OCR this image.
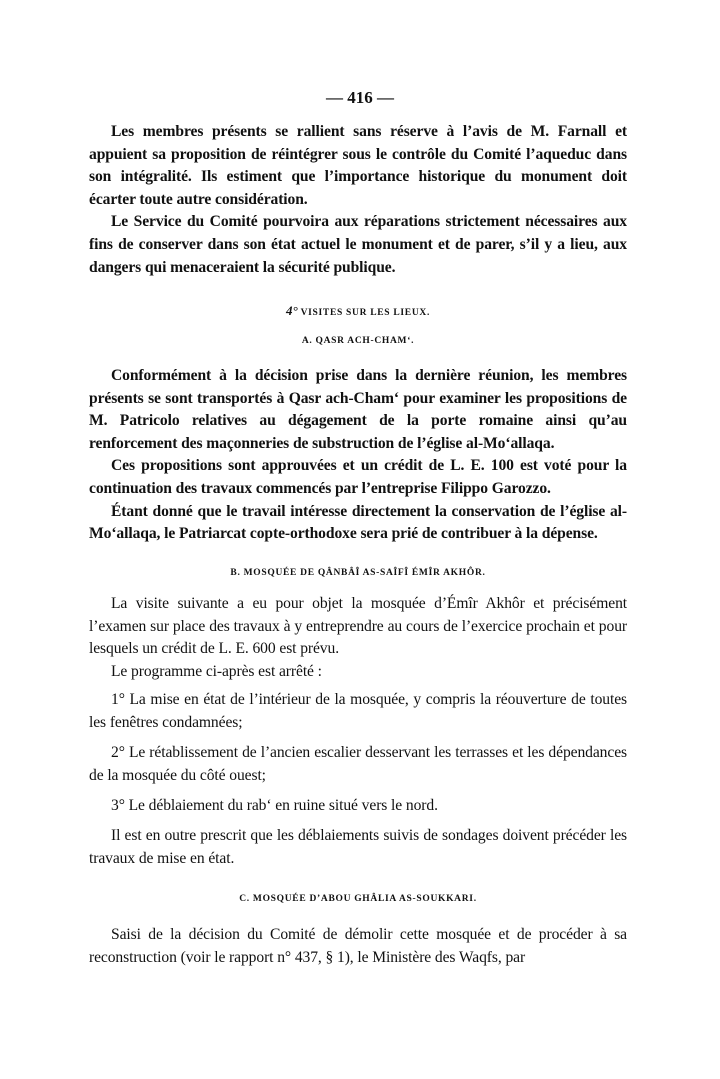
— 416 —

Les membres présents se rallient sans réserve à l’avis de M. Farnall et appuient sa proposition de réintégrer sous le contrôle du Comité l’aqueduc dans son intégralité. Ils estiment que l’importance historique du monument doit écarter toute autre considération.

Le Service du Comité pourvoira aux réparations strictement nécessaires aux fins de conserver dans son état actuel le monument et de parer, s’il y a lieu, aux dangers qui menaceraient la sécurité publique.

4° VISITES SUR LES LIEUX.
A. QASR ACH-CHAM‘.

Conformément à la décision prise dans la dernière réunion, les membres présents se sont transportés à Qasr ach-Cham‘ pour examiner les propositions de M. Patricolo relatives au dégagement de la porte romaine ainsi qu’au renforcement des maçonneries de substruction de l’église al-Mo‘allaqa.

Ces propositions sont approuvées et un crédit de L. E. 100 est voté pour la continuation des travaux commencés par l’entreprise Filippo Garozzo.

Étant donné que le travail intéresse directement la conservation de l’église al-Mo‘allaqa, le Patriarcat copte-orthodoxe sera prié de contribuer à la dépense.

B. MOSQUÉE DE QÂNBÂÎ AS-SAÎFÎ ÉMÎR AKHÔR.

La visite suivante a eu pour objet la mosquée d’Émîr Akhôr et précisément l’examen sur place des travaux à y entreprendre au cours de l’exercice prochain et pour lesquels un crédit de L. E. 600 est prévu.

Le programme ci-après est arrêté :

1° La mise en état de l’intérieur de la mosquée, y compris la réouverture de toutes les fenêtres condamnées;

2° Le rétablissement de l’ancien escalier desservant les terrasses et les dépendances de la mosquée du côté ouest;

3° Le déblaiement du rab‘ en ruine situé vers le nord.

Il est en outre prescrit que les déblaiements suivis de sondages doivent précéder les travaux de mise en état.

C. MOSQUÉE D’ABOU GHÂLIA AS-SOUKKARI.

Saisi de la décision du Comité de démolir cette mosquée et de procéder à sa reconstruction (voir le rapport n° 437, § 1), le Ministère des Waqfs, par
